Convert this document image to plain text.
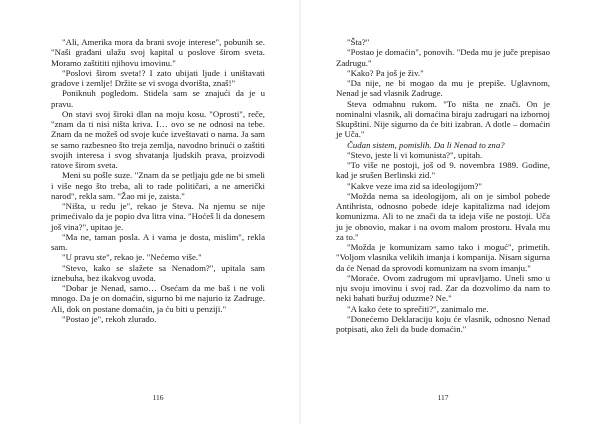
"Ali, Amerika mora da brani svoje interese", pobunih se. "Naši građani ulažu svoj kapital u poslove širom sveta. Moramo zaštititi njihovu imovinu."

"Poslovi širom sveta!? I zato ubijati ljude i uništavati gradove i zemlje! Držite se vi svoga dvorišta, znaš!"

Poniknuh pogledom. Stidela sam se znajući da je u pravu.

On stavi svoj široki dlan na moju kosu. "Oprosti", reče, "znam da ti nisi ništa kriva. I… ovo se ne odnosi na tebe. Znam da ne možeš od svoje kuće izveštavati o nama. Ja sam se samo razbesneo što treja zemlja, navodno brinući o zaštiti svojih interesa i svog shvatanja ljudskih prava, proizvodi ratove širom sveta.

Meni su pošle suze. "Znam da se petljaju gde ne bi smeli i više nego što treba, ali to rade političari, a ne američki narod", rekla sam. "Žao mi je, zaista."

"Ništa, u redu je", rekao je Steva. Na njemu se nije primećivalo da je popio dva litra vina. "Hoćeš li da donesem još vina?", upitao je.

"Ma ne, taman posla. A i vama je dosta, mislim", rekla sam.

"U pravu ste", rekao je. "Nećemo više."

"Stevo, kako se slažete sa Nenadom?", upitala sam iznebuha, bez ikakvog uvoda.

"Dobar je Nenad, samo… Osećam da me baš i ne voli mnogo. Da je on domaćin, sigurno bi me najurio iz Zadruge. Ali, dok on postane domaćin, ja ću biti u penziji."

"Postao je", rekoh zlurado.

116

"Šta?"

"Postao je domaćin", ponovih. "Deda mu je juče prepisao Zadrugu."

"Kako? Pa još je živ."

"Da nije, ne bi mogao da mu je prepiše. Uglavnom, Nenad je sad vlasnik Zadruge.

Steva odmahnu rukom. "To ništa ne znači. On je nominalni vlasnik, ali domaćina biraju zadrugari na izbornoj Skupštini. Nije sigurno da će biti izabran. A dotle – domaćin je Uča."

Čudan sistem, pomislih. Da li Nenad to zna?

"Stevo, jeste li vi komunista?", upitah.

"To više ne postoji, još od 9. novembra 1989. Godine, kad je srušen Berlinski zid."

"Kakve veze ima zid sa ideologijom?"

"Možda nema sa ideologijom, ali on je simbol pobede Antihrista, odnosno pobede ideje kapitalizma nad idejom komunizma. Ali to ne znači da ta ideja više ne postoji. Uča ju je obnovio, makar i na ovom malom prostoru. Hvala mu za to."

"Možda je komunizam samo tako i moguć", primetih. "Voljom vlasnika velikih imanja i kompanija. Nisam sigurna da će Nenad da sprovodi komunizam na svom imanju."

"Moraće. Ovom zadrugom mi upravljamo. Uneli smo u nju svoju imovinu i svoj rad. Zar da dozvolimo da nam to neki bahati buržuj oduzme? Ne."

"A kako ćete to sprečiti?", zanimalo me.

"Donećemo Deklaraciju koju će vlasnik, odnosno Nenad potpisati, ako želi da bude domaćin."

117
